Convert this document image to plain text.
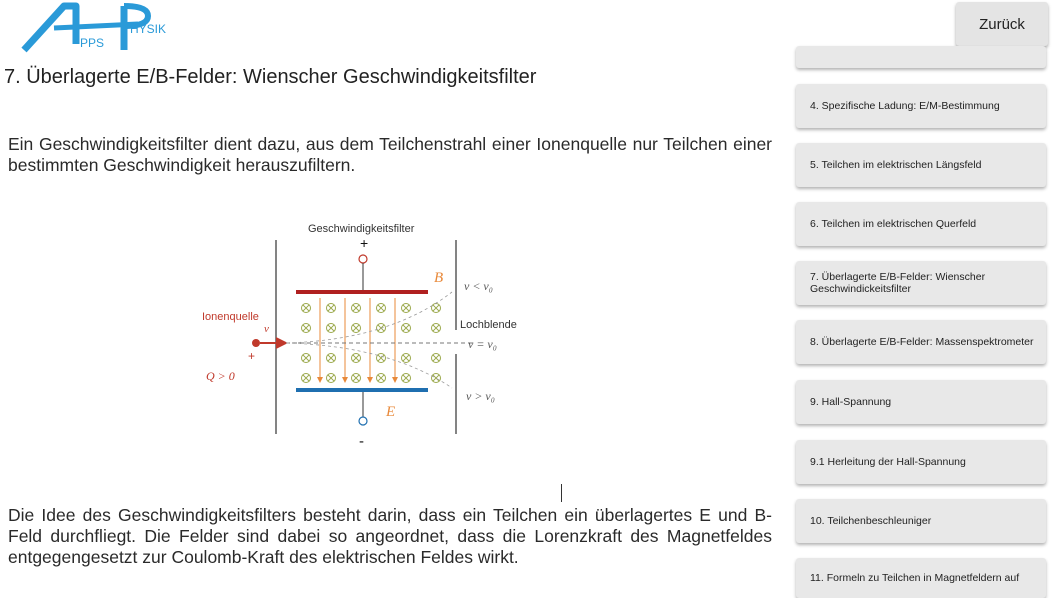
PPS
HYSIK
7. Überlagerte E/B-Felder: Wienscher Geschwindigkeitsfilter

Ein Geschwindigkeitsfilter dient dazu, aus dem Teilchenstrahl einer Ionenquelle nur Teilchen einer bestimmten Geschwindigkeit herauszufiltern.

Geschwindigkeitsfilter
+
Ionenquelle
v
+
Q > 0
B
E
Lochblende
v < v₀
v = v₀
v > v₀
-

Die Idee des Geschwindigkeitsfilters besteht darin, dass ein Teilchen ein überlagertes E und B-Feld durchfliegt. Die Felder sind dabei so angeordnet, dass die Lorenzkraft des Magnetfeldes entgegengesetzt zur Coulomb-Kraft des elektrischen Feldes wirkt.

Zurück
4. Spezifische Ladung: E/M-Bestimmung
5. Teilchen im elektrischen Längsfeld
6. Teilchen im elektrischen Querfeld
7. Überlagerte E/B-Felder: Wienscher Geschwindickeitsfilter
8. Überlagerte E/B-Felder: Massenspektrometer
9. Hall-Spannung
9.1 Herleitung der Hall-Spannung
10. Teilchenbeschleuniger
11. Formeln zu Teilchen in Magnetfeldern auf
